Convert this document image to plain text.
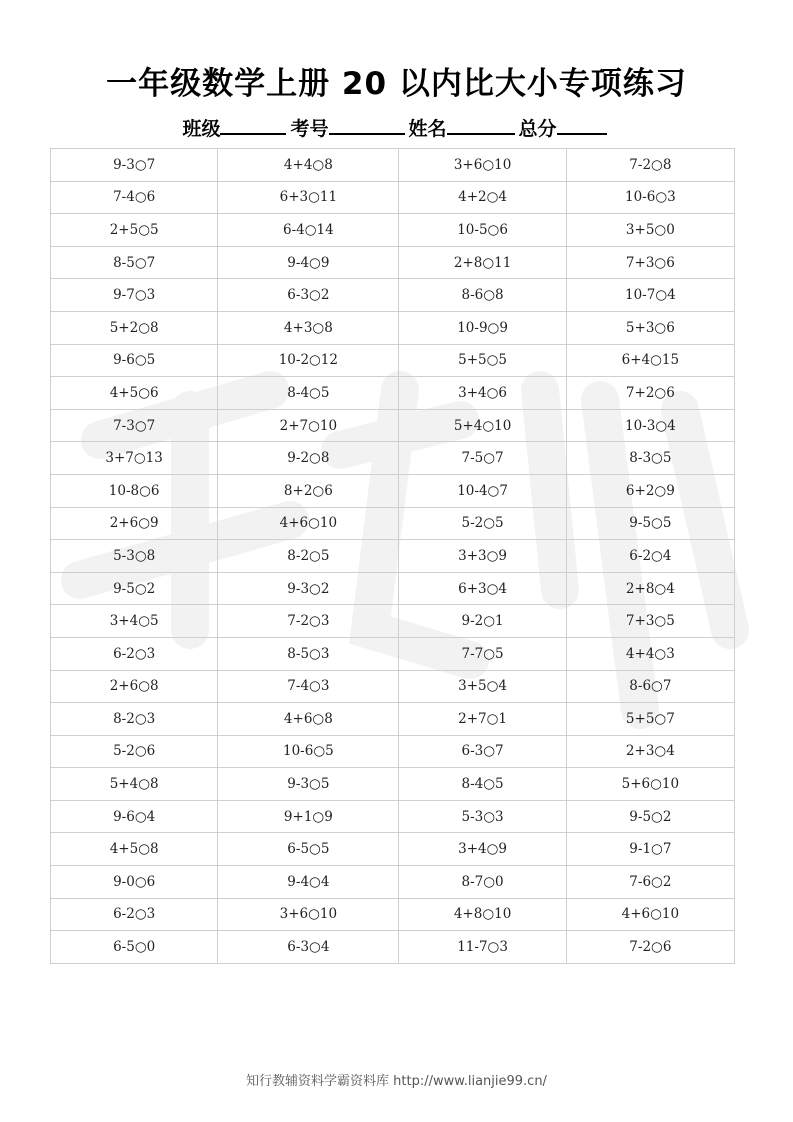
一年级数学上册 20 以内比大小专项练习
班级	考号	姓名	总分
9-3○7	4+4○8	3+6○10	7-2○8
7-4○6	6+3○11	4+2○4	10-6○3
2+5○5	6-4○14	10-5○6	3+5○0
8-5○7	9-4○9	2+8○11	7+3○6
9-7○3	6-3○2	8-6○8	10-7○4
5+2○8	4+3○8	10-9○9	5+3○6
9-6○5	10-2○12	5+5○5	6+4○15
4+5○6	8-4○5	3+4○6	7+2○6
7-3○7	2+7○10	5+4○10	10-3○4
3+7○13	9-2○8	7-5○7	8-3○5
10-8○6	8+2○6	10-4○7	6+2○9
2+6○9	4+6○10	5-2○5	9-5○5
5-3○8	8-2○5	3+3○9	6-2○4
9-5○2	9-3○2	6+3○4	2+8○4
3+4○5	7-2○3	9-2○1	7+3○5
6-2○3	8-5○3	7-7○5	4+4○3
2+6○8	7-4○3	3+5○4	8-6○7
8-2○3	4+6○8	2+7○1	5+5○7
5-2○6	10-6○5	6-3○7	2+3○4
5+4○8	9-3○5	8-4○5	5+6○10
9-6○4	9+1○9	5-3○3	9-5○2
4+5○8	6-5○5	3+4○9	9-1○7
9-0○6	9-4○4	8-7○0	7-6○2
6-2○3	3+6○10	4+8○10	4+6○10
6-5○0	6-3○4	11-7○3	7-2○6
知行教辅资料学霸资料库 http://www.lianjie99.cn/
